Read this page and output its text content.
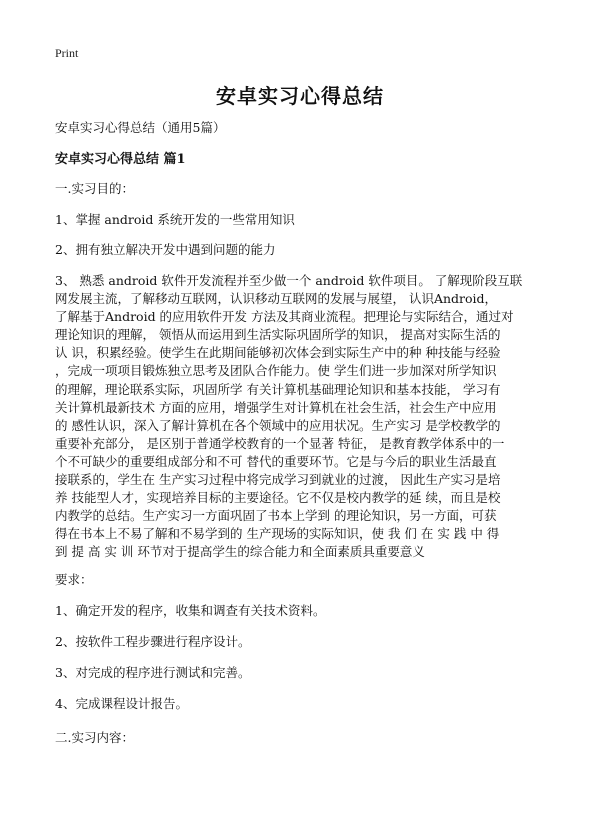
Print
安卓实习心得总结

安卓实习心得总结（通用5篇）

安卓实习心得总结 篇1

一.实习目的：

1、掌握 android 系统开发的一些常用知识

2、拥有独立解决开发中遇到问题的能力

3、 熟悉 android 软件开发流程并至少做一个 android 软件项目。 了解现阶段互联
网发展主流，了解移动互联网，认识移动互联网的发展与展望， 认识Android，
了解基于Android 的应用软件开发 方法及其商业流程。把理论与实际结合，通过对
理论知识的理解， 领悟从而运用到生活实际巩固所学的知识， 提高对实际生活的
认 识，积累经验。使学生在此期间能够初次体会到实际生产中的种 种技能与经验
，完成一项项目锻炼独立思考及团队合作能力。使 学生们进一步加深对所学知识
的理解，理论联系实际，巩固所学 有关计算机基础理论知识和基本技能， 学习有
关计算机最新技术 方面的应用，增强学生对计算机在社会生活，社会生产中应用
的 感性认识，深入了解计算机在各个领域中的应用状况。生产实习 是学校教学的
重要补充部分， 是区别于普通学校教育的一个显著 特征， 是教育教学体系中的一
个不可缺少的重要组成部分和不可 替代的重要环节。它是与今后的职业生活最直
接联系的，学生在 生产实习过程中将完成学习到就业的过渡， 因此生产实习是培
养 技能型人才，实现培养目标的主要途径。它不仅是校内教学的延 续，而且是校
内教学的总结。生产实习一方面巩固了书本上学到 的理论知识，另一方面，可获
得在书本上不易了解和不易学到的 生产现场的实际知识，使 我 们 在 实 践 中 得
到 提 高 实 训 环节对于提高学生的综合能力和全面素质具重要意义

要求：

1、确定开发的程序，收集和调查有关技术资料。

2、按软件工程步骤进行程序设计。

3、对完成的程序进行测试和完善。

4、完成课程设计报告。

二.实习内容：
